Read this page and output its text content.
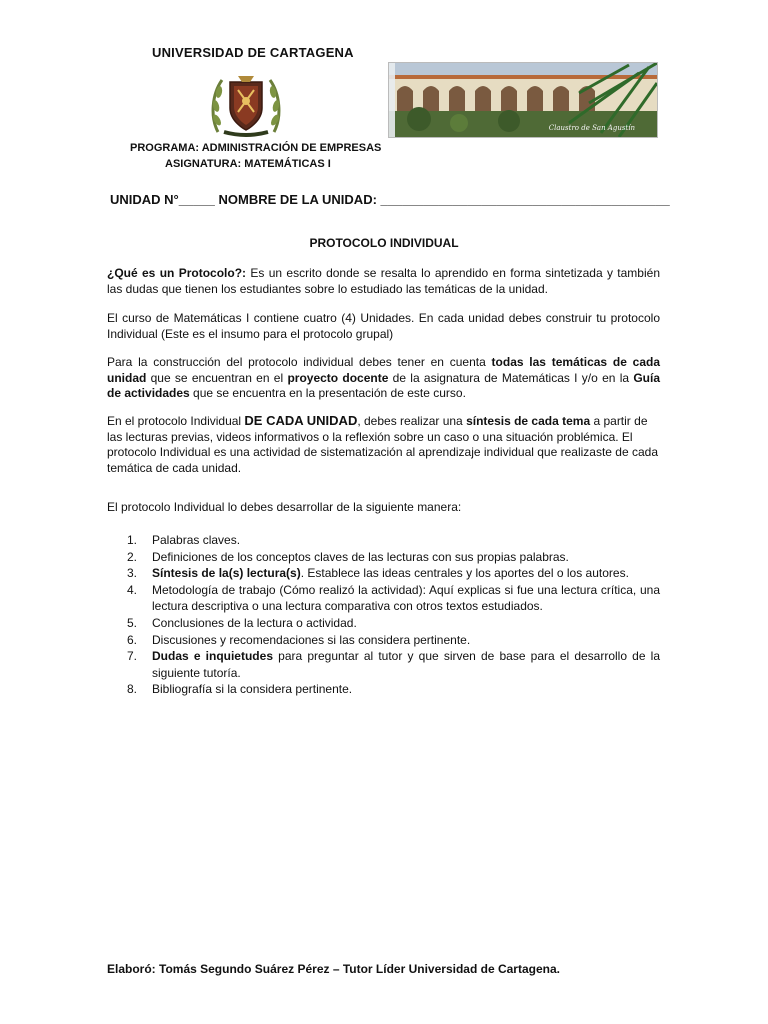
UNIVERSIDAD DE CARTAGENA
Claustro de San Agustín
PROGRAMA: ADMINISTRACIÓN DE EMPRESAS
ASIGNATURA: MATEMÁTICAS I
UNIDAD N°_____ NOMBRE DE LA UNIDAD: ________________________________________
PROTOCOLO INDIVIDUAL
¿Qué es un Protocolo?: Es un escrito donde se resalta lo aprendido en forma sintetizada y también las dudas que tienen los estudiantes sobre lo estudiado las temáticas de la unidad.
El curso de Matemáticas I contiene cuatro (4) Unidades. En cada unidad debes construir tu protocolo Individual (Este es el insumo para el protocolo grupal)
Para la construcción del protocolo individual debes tener en cuenta todas las temáticas de cada unidad que se encuentran en el proyecto docente de la asignatura de Matemáticas I y/o en la Guía de actividades que se encuentra en la presentación de este curso.
En el protocolo Individual DE CADA UNIDAD, debes realizar una síntesis de cada tema a partir de las lecturas previas, videos informativos o la reflexión sobre un caso o una situación problémica. El protocolo Individual es una actividad de sistematización al aprendizaje individual que realizaste de cada temática de cada unidad.
El protocolo Individual lo debes desarrollar de la siguiente manera:
1. Palabras claves.
2. Definiciones de los conceptos claves de las lecturas con sus propias palabras.
3. Síntesis de la(s) lectura(s). Establece las ideas centrales y los aportes del o los autores.
4. Metodología de trabajo (Cómo realizó la actividad): Aquí explicas si fue una lectura crítica, una lectura descriptiva o una lectura comparativa con otros textos estudiados.
5. Conclusiones de la lectura o actividad.
6. Discusiones y recomendaciones si las considera pertinente.
7. Dudas e inquietudes para preguntar al tutor y que sirven de base para el desarrollo de la siguiente tutoría.
8. Bibliografía si la considera pertinente.
Elaboró: Tomás Segundo Suárez Pérez – Tutor Líder Universidad de Cartagena.
